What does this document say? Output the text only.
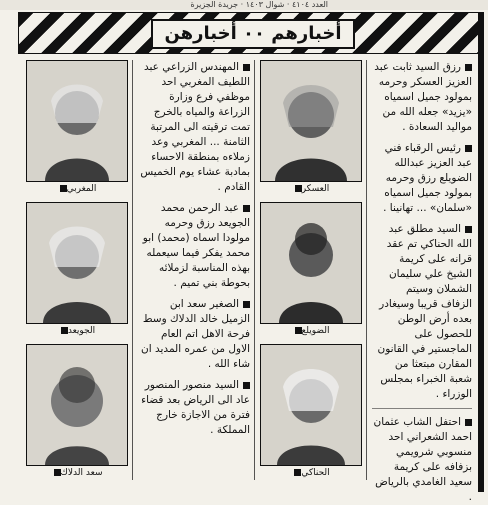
العدد ٤١٠٤ · شوال ١٤٠٣ · جريدة الجزيرة
أخبارهم ۰۰ أخبارهن
المغربي
الجويعد
سعد الدلاك

المهندس الزراعي عبد اللطيف المغربي احد موظفي فرع وزارة الزراعة والمياه بالخرج تمت ترقيته الى المرتبة الثامنة ... المغربي وعد زملاءه بمنطقة الاحساء بمادبة عشاء يوم الخميس القادم .

عبد الرحمن محمد الجويعد رزق وحرمه مولودا اسماه (محمد) ابو محمد يفكر فيما سيعمله بهذه المناسبة لزملائه بحوطة بني تميم .

الصغير سعد ابن الزميل خالد الدلاك وسط فرحة الاهل اتم العام الاول من عمره المديد ان شاء الله .

السيد منصور المنصور عاد الى الرياض بعد قضاء فترة من الاجازة خارج المملكة .

العسكر
الضويلع
الحناكي

رزق السيد ثابت عبد العزيز العسكر وحرمه بمولود جميل اسمياه «يزيد» جعله الله من مواليد السعادة .

رئيس الرقباء فني عبد العزيز عبدالله الضويلع رزق وحرمه بمولود جميل اسمياه «سلمان» ... تهانينا .

السيد مطلق عبد الله الحناكي تم عقد قرانه على كريمة الشيخ علي سليمان الشملان وسيتم الزفاف قريبا وسيغادر بعده أرض الوطن للحصول على الماجستير في القانون المقارن مبتعثا من شعبة الخبراء بمجلس الوزراء .

احتفل الشاب عثمان احمد الشعراني احد منسوبي شرويمي بزفافه على كريمة سعيد الغامدي بالرياض .
